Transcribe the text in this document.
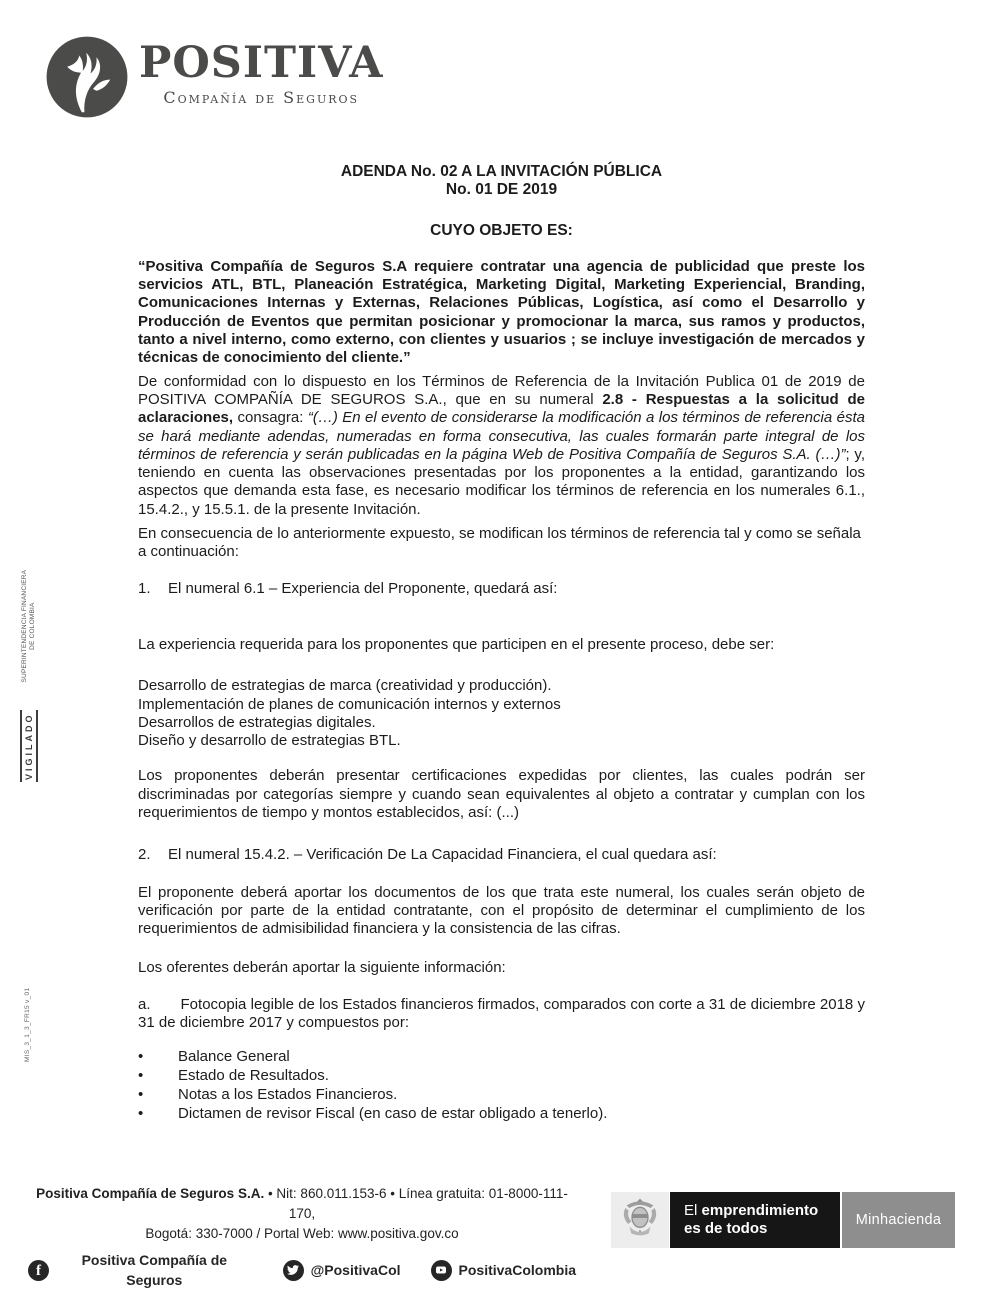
POSITIVA
Compañía de Seguros
VIGILADO
SUPERINTENDENCIA FINANCIERA
DE COLOMBIA
MIS_3_1_3_FR15 v_01
ADENDA No. 02 A LA INVITACIÓN PÚBLICA
No. 01 DE 2019
CUYO OBJETO ES:

“Positiva Compañía de Seguros S.A requiere contratar una agencia de publicidad que preste los servicios ATL, BTL, Planeación Estratégica, Marketing Digital, Marketing Experiencial, Branding, Comunicaciones Internas y Externas, Relaciones Públicas, Logística, así como el Desarrollo y Producción de Eventos que permitan posicionar y promocionar la marca, sus ramos y productos, tanto a nivel interno, como externo, con clientes y usuarios ; se incluye investigación de mercados y técnicas de conocimiento del cliente.”

De conformidad con lo dispuesto en los Términos de Referencia de la Invitación Publica 01 de 2019 de POSITIVA COMPAÑÍA DE SEGUROS S.A., que en su numeral 2.8 - Respuestas a la solicitud de aclaraciones, consagra: “(…) En el evento de considerarse la modificación a los términos de referencia ésta se hará mediante adendas, numeradas en forma consecutiva, las cuales formarán parte integral de los términos de referencia y serán publicadas en la página Web de Positiva Compañía de Seguros S.A. (…)”; y, teniendo en cuenta las observaciones presentadas por los proponentes a la entidad, garantizando los aspectos que demanda esta fase, es necesario modificar los términos de referencia en los numerales 6.1., 15.4.2., y 15.5.1. de la presente Invitación.

En consecuencia de lo anteriormente expuesto, se modifican los términos de referencia tal y como se señala a continuación:

1.	El numeral 6.1 – Experiencia del Proponente, quedará así:

La experiencia requerida para los proponentes que participen en el presente proceso, debe ser:

Desarrollo de estrategias de marca (creatividad y producción).
Implementación de planes de comunicación internos y externos
Desarrollos de estrategias digitales.
Diseño y desarrollo de estrategias BTL.

Los proponentes deberán presentar certificaciones expedidas por clientes, las cuales podrán ser discriminadas por categorías siempre y cuando sean equivalentes al objeto a contratar y cumplan con los requerimientos de tiempo y montos establecidos, así: (...)

2.	El numeral 15.4.2. – Verificación De La Capacidad Financiera, el cual quedara así:

El proponente deberá aportar los documentos de los que trata este numeral, los cuales serán objeto de verificación por parte de la entidad contratante, con el propósito de determinar el cumplimiento de los requerimientos de admisibilidad financiera y la consistencia de las cifras.

Los oferentes deberán aportar la siguiente información:

a. Fotocopia legible de los Estados financieros firmados, comparados con corte a 31 de diciembre 2018 y 31 de diciembre 2017 y compuestos por:

•	Balance General
•	Estado de Resultados.
•	Notas a los Estados Financieros.
•	Dictamen de revisor Fiscal (en caso de estar obligado a tenerlo).
Positiva Compañía de Seguros S.A. • Nit: 860.011.153-6 • Línea gratuita: 01-8000-111-170,
Bogotá: 330-7000 / Portal Web: www.positiva.gov.co
f
Positiva Compañía de Seguros
@PositivaCol	PositivaColombia
El emprendimiento
es de todos	Minhacienda
